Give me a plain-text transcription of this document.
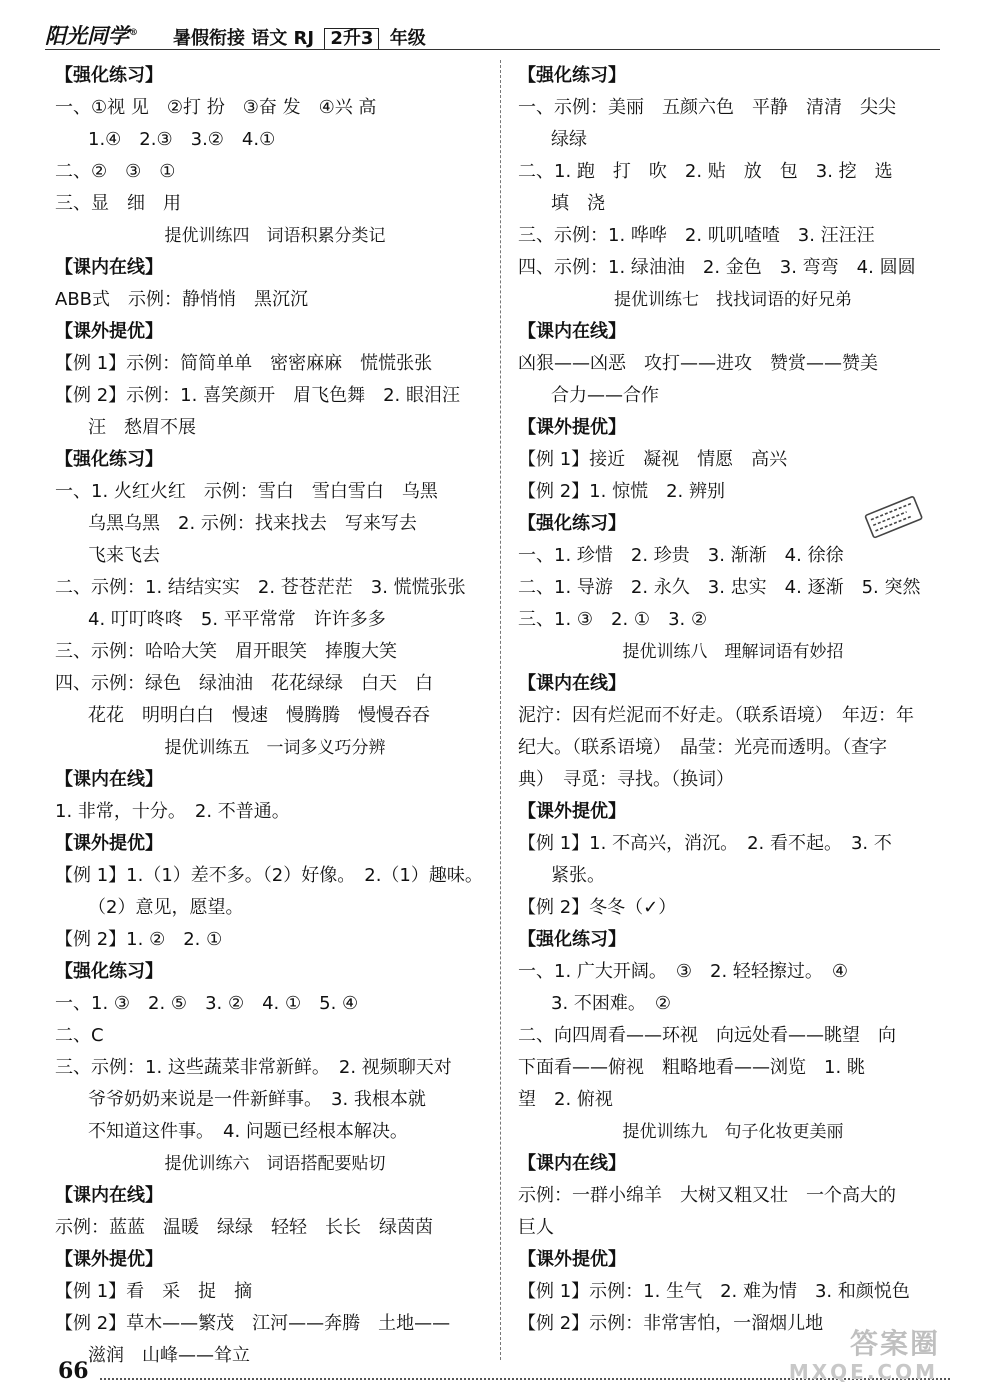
阳光同学® 暑假衔接 语文 RJ 2升3 年级
【强化练习】
一、①视 见　②打 扮　③奋 发　④兴 高
1.④　2.③　3.②　4.①
二、②　③　①
三、显　细　用
提优训练四　词语积累分类记
【课内在线】
ABB式　示例：静悄悄　黑沉沉
【课外提优】
【例 1】示例：简简单单　密密麻麻　慌慌张张
【例 2】示例：1. 喜笑颜开　眉飞色舞　2. 眼泪汪
汪　愁眉不展
【强化练习】
一、1. 火红火红　示例：雪白　雪白雪白　乌黑
乌黑乌黑　2. 示例：找来找去　写来写去
飞来飞去
二、示例：1. 结结实实　2. 苍苍茫茫　3. 慌慌张张
4. 叮叮咚咚　5. 平平常常　许许多多
三、示例：哈哈大笑　眉开眼笑　捧腹大笑
四、示例：绿色　绿油油　花花绿绿　白天　白
花花　明明白白　慢速　慢腾腾　慢慢吞吞
提优训练五　一词多义巧分辨
【课内在线】
1. 非常，十分。　2. 不普通。
【课外提优】
【例 1】1.（1）差不多。（2）好像。　2.（1）趣味。
（2）意见，愿望。
【例 2】1. ②　2. ①
【强化练习】
一、1. ③　2. ⑤　3. ②　4. ①　5. ④
二、C
三、示例：1. 这些蔬菜非常新鲜。　2. 视频聊天对
爷爷奶奶来说是一件新鲜事。　3. 我根本就
不知道这件事。　4. 问题已经根本解决。
提优训练六　词语搭配要贴切
【课内在线】
示例：蓝蓝　温暖　绿绿　轻轻　长长　绿茵茵
【课外提优】
【例 1】看　采　捉　摘
【例 2】草木——繁茂　江河——奔腾　土地——
滋润　山峰——耸立
【强化练习】
一、示例：美丽　五颜六色　平静　清清　尖尖
绿绿
二、1. 跑　打　吹　2. 贴　放　包　3. 挖　选
填　浇
三、示例：1. 哗哗　2. 叽叽喳喳　3. 汪汪汪
四、示例：1. 绿油油　2. 金色　3. 弯弯　4. 圆圆
提优训练七　找找词语的好兄弟
【课内在线】
凶狠——凶恶　攻打——进攻　赞赏——赞美
合力——合作
【课外提优】
【例 1】接近　凝视　情愿　高兴
【例 2】1. 惊慌　2. 辨别
【强化练习】
一、1. 珍惜　2. 珍贵　3. 渐渐　4. 徐徐
二、1. 导游　2. 永久　3. 忠实　4. 逐渐　5. 突然
三、1. ③　2. ①　3. ②
提优训练八　理解词语有妙招
【课内在线】
泥泞：因有烂泥而不好走。（联系语境）　年迈：年
纪大。（联系语境）　晶莹：光亮而透明。（查字
典）　寻觅：寻找。（换词）
【课外提优】
【例 1】1. 不高兴，消沉。　2. 看不起。　3. 不
紧张。
【例 2】冬冬（✓）
【强化练习】
一、1. 广大开阔。　③　2. 轻轻擦过。　④
3. 不困难。　②
二、向四周看——环视　向远处看——眺望　向
下面看——俯视　粗略地看——浏览　1. 眺
望　2. 俯视
提优训练九　句子化妆更美丽
【课内在线】
示例：一群小绵羊　大树又粗又壮　一个高大的
巨人
【课外提优】
【例 1】示例：1. 生气　2. 难为情　3. 和颜悦色
【例 2】示例：非常害怕，一溜烟儿地
66
答案圈
MXQE.COM
